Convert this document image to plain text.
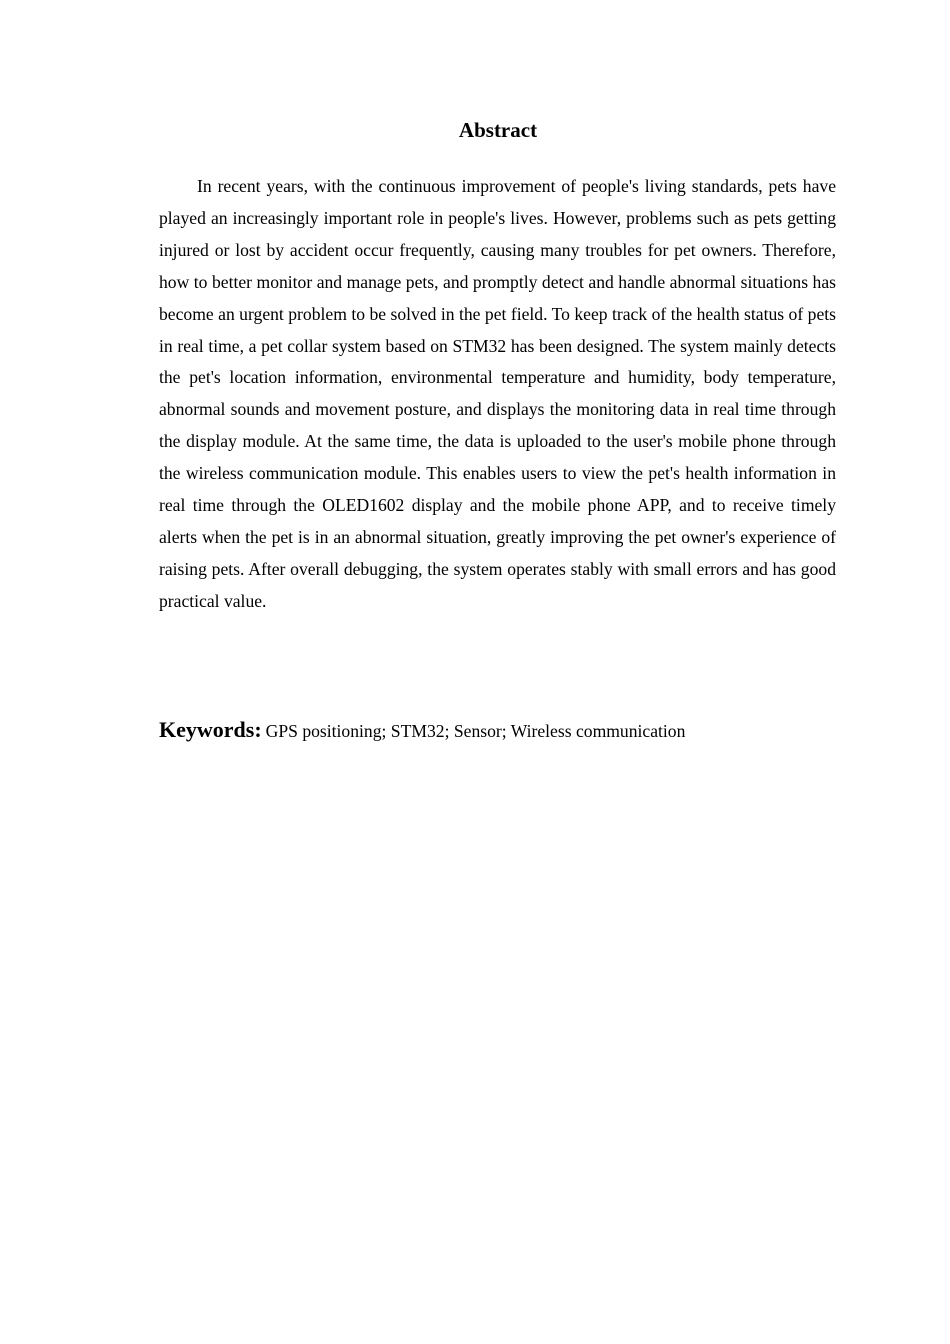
Abstract

In recent years, with the continuous improvement of people's living standards, pets have played an increasingly important role in people's lives. However, problems such as pets getting injured or lost by accident occur frequently, causing many troubles for pet owners. Therefore, how to better monitor and manage pets, and promptly detect and handle abnormal situations has become an urgent problem to be solved in the pet field. To keep track of the health status of pets in real time, a pet collar system based on STM32 has been designed. The system mainly detects the pet's location information, environmental temperature and humidity, body temperature, abnormal sounds and movement posture, and displays the monitoring data in real time through the display module. At the same time, the data is uploaded to the user's mobile phone through the wireless communication module. This enables users to view the pet's health information in real time through the OLED1602 display and the mobile phone APP, and to receive timely alerts when the pet is in an abnormal situation, greatly improving the pet owner's experience of raising pets. After overall debugging, the system operates stably with small errors and has good practical value.

Keywords: GPS positioning; STM32; Sensor; Wireless communication
